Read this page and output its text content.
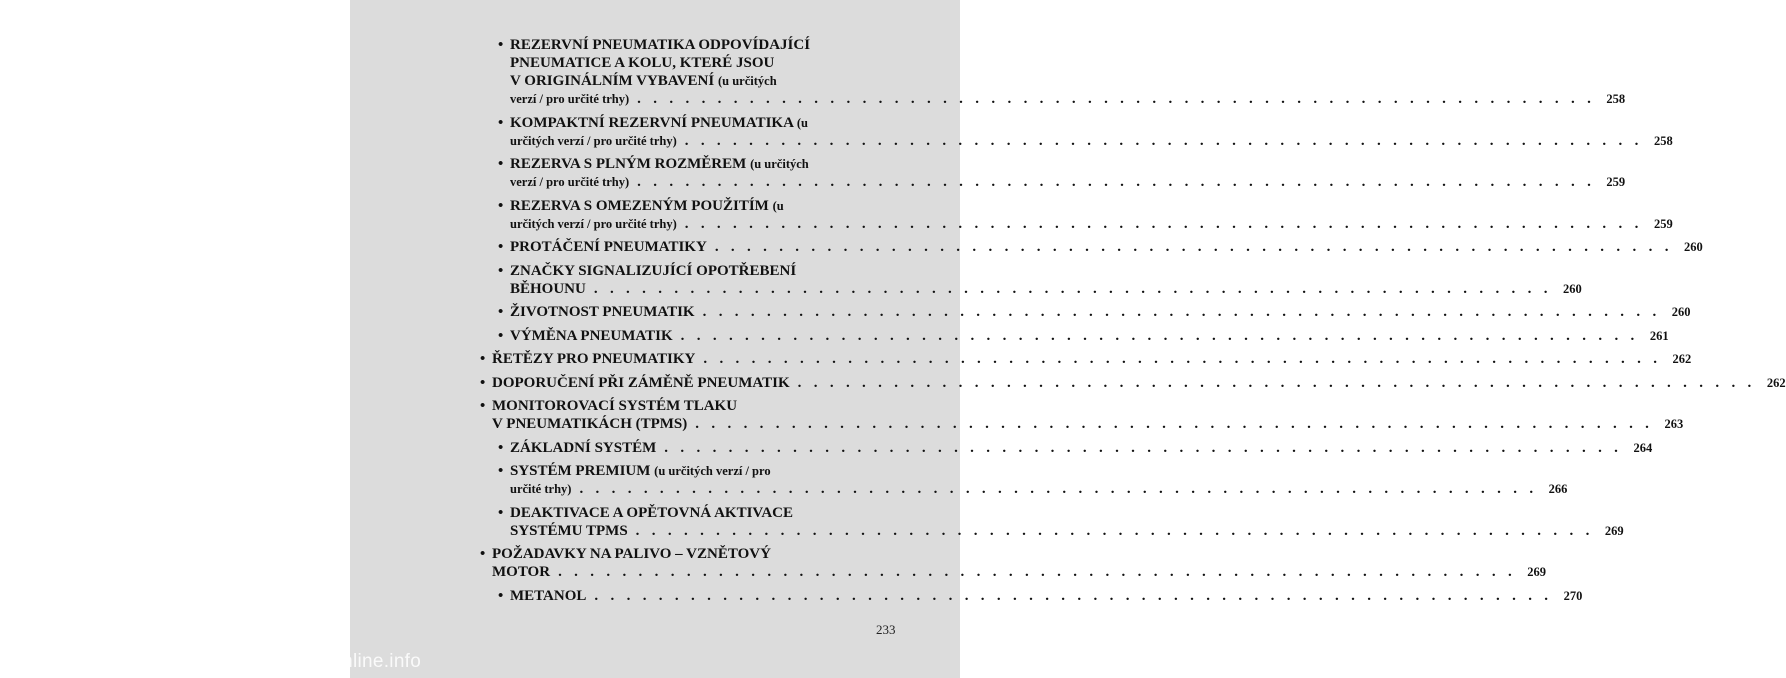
• REZERVNÍ PNEUMATIKA ODPOVÍDAJÍCÍ
PNEUMATICE A KOLU, KTERÉ JSOU
V ORIGINÁLNÍM VYBAVENÍ (u určitých
verzí / pro určité trhy) . . . . . . . . . . . . . . . . . . . . . . . . . . . . . . . . . . . . . . . . . . . . . . . . . . . . . . . . . . . . 258
• KOMPAKTNÍ REZERVNÍ PNEUMATIKA (u
určitých verzí / pro určité trhy) . . . . . . . . . . . . . . . . . . . . . . . . . . . . . . . . . . . . . . . . . . . . . . . . . . . . . . . . . . . . 258
• REZERVA S PLNÝM ROZMĚREM (u určitých
verzí / pro určité trhy) . . . . . . . . . . . . . . . . . . . . . . . . . . . . . . . . . . . . . . . . . . . . . . . . . . . . . . . . . . . . 259
• REZERVA S OMEZENÝM POUŽITÍM (u
určitých verzí / pro určité trhy) . . . . . . . . . . . . . . . . . . . . . . . . . . . . . . . . . . . . . . . . . . . . . . . . . . . . . . . . . . . . 259
• PROTÁČENÍ PNEUMATIKY . . . . . . . . . . . . . . . . . . . . . . . . . . . . . . . . . . . . . . . . . . . . . . . . . . . . . . . . . . . . 260
• ZNAČKY SIGNALIZUJÍCÍ OPOTŘEBENÍ
BĚHOUNU . . . . . . . . . . . . . . . . . . . . . . . . . . . . . . . . . . . . . . . . . . . . . . . . . . . . . . . . . . . . 260
• ŽIVOTNOST PNEUMATIK . . . . . . . . . . . . . . . . . . . . . . . . . . . . . . . . . . . . . . . . . . . . . . . . . . . . . . . . . . . . 260
• VÝMĚNA PNEUMATIK . . . . . . . . . . . . . . . . . . . . . . . . . . . . . . . . . . . . . . . . . . . . . . . . . . . . . . . . . . . . 261
• ŘETĚZY PRO PNEUMATIKY . . . . . . . . . . . . . . . . . . . . . . . . . . . . . . . . . . . . . . . . . . . . . . . . . . . . . . . . . . . . 262
• DOPORUČENÍ PŘI ZÁMĚNĚ PNEUMATIK . . . . . . . . . . . . . . . . . . . . . . . . . . . . . . . . . . . . . . . . . . . . . . . . . . . . . . . . . . . . 262
• MONITOROVACÍ SYSTÉM TLAKU
V PNEUMATIKÁCH (TPMS) . . . . . . . . . . . . . . . . . . . . . . . . . . . . . . . . . . . . . . . . . . . . . . . . . . . . . . . . . . . . 263
• ZÁKLADNÍ SYSTÉM . . . . . . . . . . . . . . . . . . . . . . . . . . . . . . . . . . . . . . . . . . . . . . . . . . . . . . . . . . . . 264
• SYSTÉM PREMIUM (u určitých verzí / pro
určité trhy) . . . . . . . . . . . . . . . . . . . . . . . . . . . . . . . . . . . . . . . . . . . . . . . . . . . . . . . . . . . . 266
• DEAKTIVACE A OPĚTOVNÁ AKTIVACE
SYSTÉMU TPMS . . . . . . . . . . . . . . . . . . . . . . . . . . . . . . . . . . . . . . . . . . . . . . . . . . . . . . . . . . . . 269
• POŽADAVKY NA PALIVO – VZNĚTOVÝ
MOTOR . . . . . . . . . . . . . . . . . . . . . . . . . . . . . . . . . . . . . . . . . . . . . . . . . . . . . . . . . . . . 269
• METANOL . . . . . . . . . . . . . . . . . . . . . . . . . . . . . . . . . . . . . . . . . . . . . . . . . . . . . . . . . . . . 270
233
carmanualsonline.info
